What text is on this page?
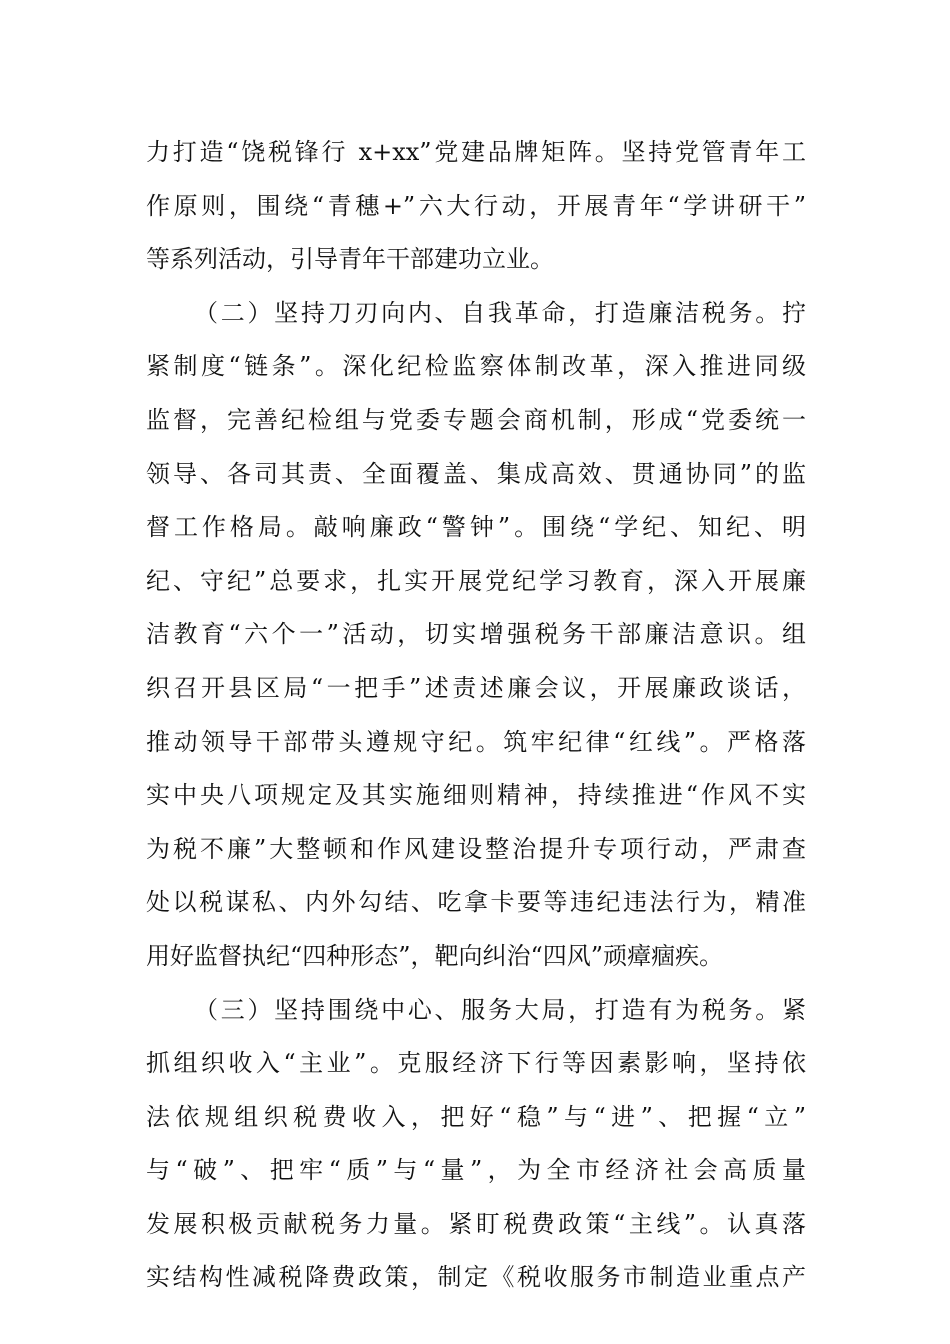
力打造“饶税锋行 x+xx”党建品牌矩阵。坚持党管青年工
作原则，围绕“青穗+”六大行动，开展青年“学讲研干”
等系列活动，引导青年干部建功立业。
（二）坚持刀刃向内、自我革命，打造廉洁税务。拧
紧制度“链条”。深化纪检监察体制改革，深入推进同级
监督，完善纪检组与党委专题会商机制，形成“党委统一
领导、各司其责、全面覆盖、集成高效、贯通协同”的监
督工作格局。敲响廉政“警钟”。围绕“学纪、知纪、明
纪、守纪”总要求，扎实开展党纪学习教育，深入开展廉
洁教育“六个一”活动，切实增强税务干部廉洁意识。组
织召开县区局“一把手”述责述廉会议，开展廉政谈话，
推动领导干部带头遵规守纪。筑牢纪律“红线”。严格落
实中央八项规定及其实施细则精神，持续推进“作风不实
为税不廉”大整顿和作风建设整治提升专项行动，严肃查
处以税谋私、内外勾结、吃拿卡要等违纪违法行为，精准
用好监督执纪“四种形态”，靶向纠治“四风”顽瘴痼疾。
（三）坚持围绕中心、服务大局，打造有为税务。紧
抓组织收入“主业”。克服经济下行等因素影响，坚持依
法依规组织税费收入，把好“稳”与“进”、把握“立”
与“破”、把牢“质”与“量”，为全市经济社会高质量
发展积极贡献税务力量。紧盯税费政策“主线”。认真落
实结构性减税降费政策，制定《税收服务市制造业重点产
